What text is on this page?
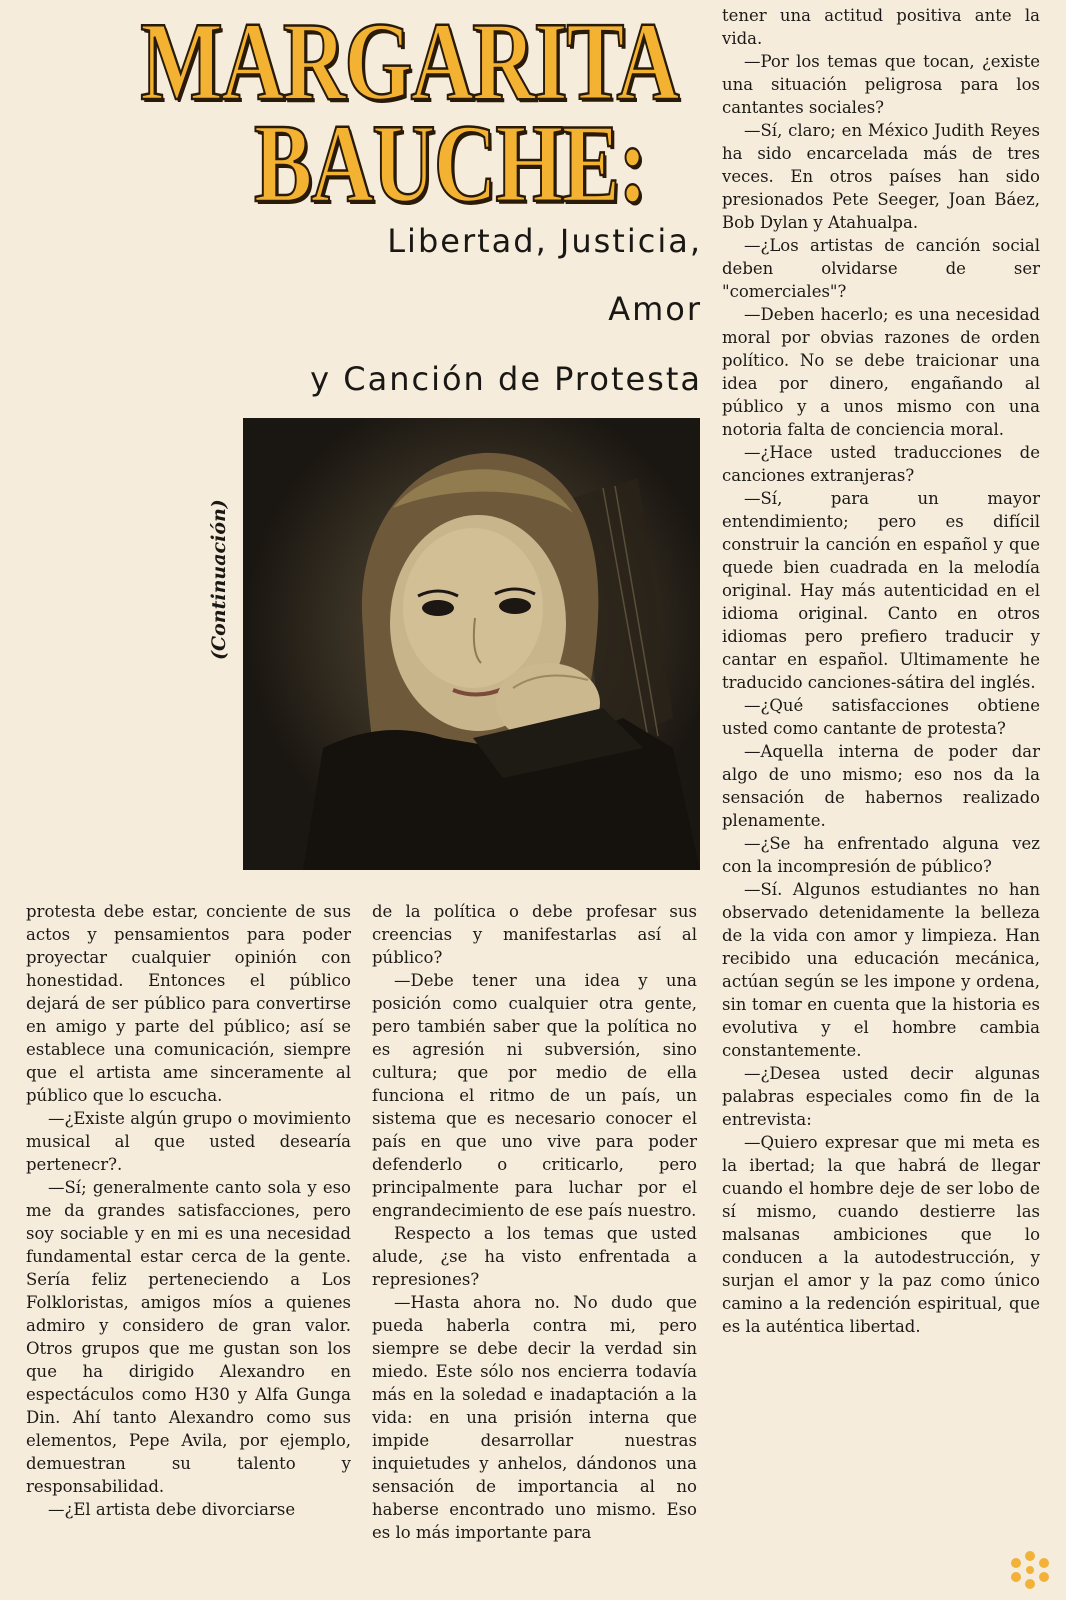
MARGARITA
BAUCHE:
Libertad, Justicia,
Amor
y Canción de Protesta
(Continuación)

protesta debe estar, conciente de sus actos y pensamientos para poder proyectar cualquier opinión con honestidad. Entonces el público dejará de ser público para convertirse en amigo y parte del público; así se establece una comunicación, siempre que el artista ame sinceramente al público que lo escucha.

—¿Existe algún grupo o movimiento musical al que usted desearía pertenecr?.

—Sí; generalmente canto sola y eso me da grandes satisfacciones, pero soy sociable y en mi es una necesidad fundamental estar cerca de la gente. Sería feliz perteneciendo a Los Folkloristas, amigos míos a quienes admiro y considero de gran valor. Otros grupos que me gustan son los que ha dirigido Alexandro en espectáculos como H30 y Alfa Gunga Din. Ahí tanto Alexandro como sus elementos, Pepe Avila, por ejemplo, demuestran su talento y responsabilidad.

—¿El artista debe divorciarse

de la política o debe profesar sus creencias y manifestarlas así al público?

—Debe tener una idea y una posición como cualquier otra gente, pero también saber que la política no es agresión ni subversión, sino cultura; que por medio de ella funciona el ritmo de un país, un sistema que es necesario conocer el país en que uno vive para poder defenderlo o criticarlo, pero principalmente para luchar por el engrandecimiento de ese país nuestro.

Respecto a los temas que usted alude, ¿se ha visto enfrentada a represiones?

—Hasta ahora no. No dudo que pueda haberla contra mi, pero siempre se debe decir la verdad sin miedo. Este sólo nos encierra todavía más en la soledad e inadaptación a la vida: en una prisión interna que impide desarrollar nuestras inquietudes y anhelos, dándonos una sensación de importancia al no haberse encontrado uno mismo. Eso es lo más importante para

tener una actitud positiva ante la vida.

—Por los temas que tocan, ¿existe una situación peligrosa para los cantantes sociales?

—Sí, claro; en México Judith Reyes ha sido encarcelada más de tres veces. En otros países han sido presionados Pete Seeger, Joan Báez, Bob Dylan y Atahualpa.

—¿Los artistas de canción social deben olvidarse de ser "comerciales"?

—Deben hacerlo; es una necesidad moral por obvias razones de orden político. No se debe traicionar una idea por dinero, engañando al público y a unos mismo con una notoria falta de conciencia moral.

—¿Hace usted traducciones de canciones extranjeras?

—Sí, para un mayor entendimiento; pero es difícil construir la canción en español y que quede bien cuadrada en la melodía original. Hay más autenticidad en el idioma original. Canto en otros idiomas pero prefiero traducir y cantar en español. Ultimamente he traducido canciones-sátira del inglés.

—¿Qué satisfacciones obtiene usted como cantante de protesta?

—Aquella interna de poder dar algo de uno mismo; eso nos da la sensación de habernos realizado plenamente.

—¿Se ha enfrentado alguna vez con la incompresión de público?

—Sí. Algunos estudiantes no han observado detenidamente la belleza de la vida con amor y limpieza. Han recibido una educación mecánica, actúan según se les impone y ordena, sin tomar en cuenta que la historia es evolutiva y el hombre cambia constantemente.

—¿Desea usted decir algunas palabras especiales como fin de la entrevista:

—Quiero expresar que mi meta es la ibertad; la que habrá de llegar cuando el hombre deje de ser lobo de sí mismo, cuando destierre las malsanas ambiciones que lo conducen a la autodestrucción, y surjan el amor y la paz como único camino a la redención espiritual, que es la auténtica libertad.
